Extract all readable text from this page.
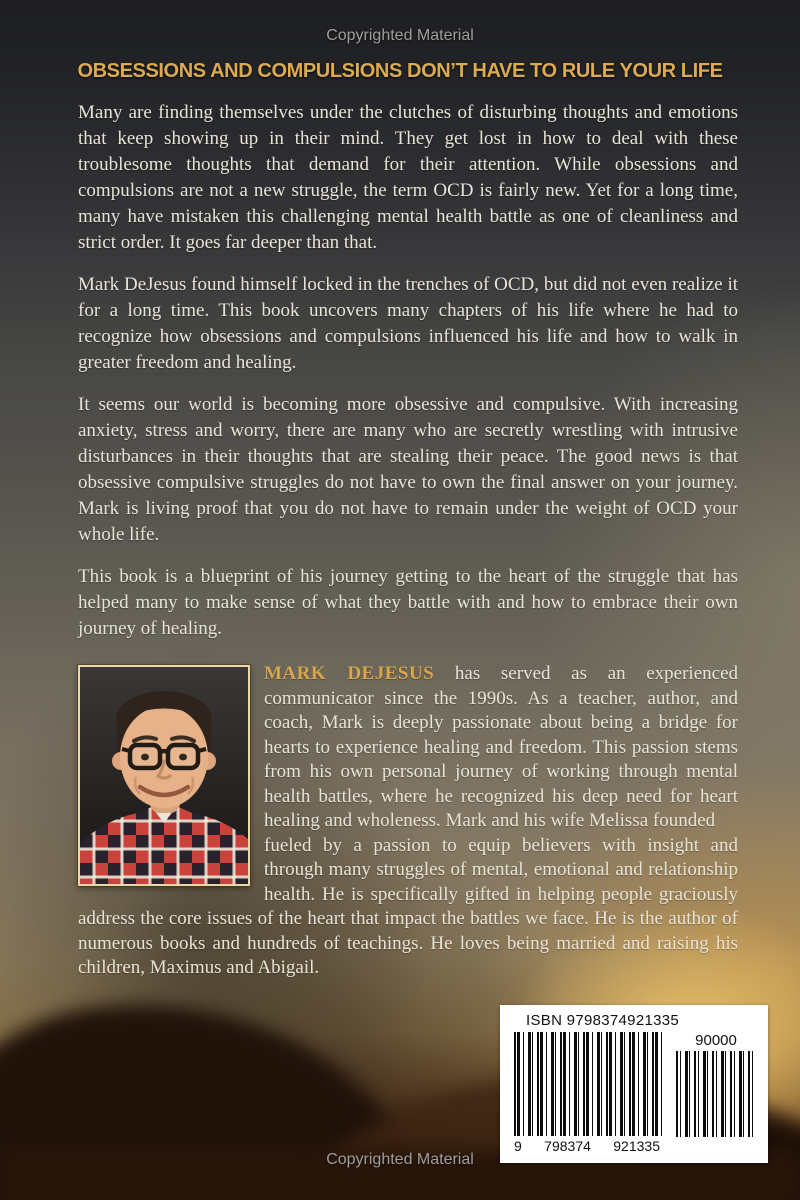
Copyrighted Material
OBSESSIONS AND COMPULSIONS DON’T HAVE TO RULE YOUR LIFE

Many are finding themselves under the clutches of disturbing thoughts and emotions that keep showing up in their mind. They get lost in how to deal with these troublesome thoughts that demand for their attention. While obsessions and compulsions are not a new struggle, the term OCD is fairly new. Yet for a long time, many have mistaken this challenging mental health battle as one of cleanliness and strict order. It goes far deeper than that.

Mark DeJesus found himself locked in the trenches of OCD, but did not even realize it for a long time. This book uncovers many chapters of his life where he had to recognize how obsessions and compulsions influenced his life and how to walk in greater freedom and healing.

It seems our world is becoming more obsessive and compulsive. With increasing anxiety, stress and worry, there are many who are secretly wrestling with intrusive disturbances in their thoughts that are stealing their peace. The good news is that obsessive compulsive struggles do not have to own the final answer on your journey. Mark is living proof that you do not have to remain under the weight of OCD your whole life.

This book is a blueprint of his journey getting to the heart of the struggle that has helped many to make sense of what they battle with and how to embrace their own journey of healing.

MARK DEJESUS has served as an experienced communicator since the 1990s. As a teacher, author, and coach, Mark is deeply passionate about being a bridge for hearts to experience healing and freedom. This passion stems from his own personal journey of working through mental health battles, where he recognized his deep need for heart healing and wholeness. Mark and his wife Melissa founded
fueled by a passion to equip believers with insight and through many struggles of mental, emotional and relationship health. He is specifically gifted in helping people graciously address the core issues of the heart that impact the battles we face. He is the author of numerous books and hundreds of teachings. He loves being married and raising his children, Maximus and Abigail.
ISBN 9798374921335
9 798374 921335
90000
Copyrighted Material
